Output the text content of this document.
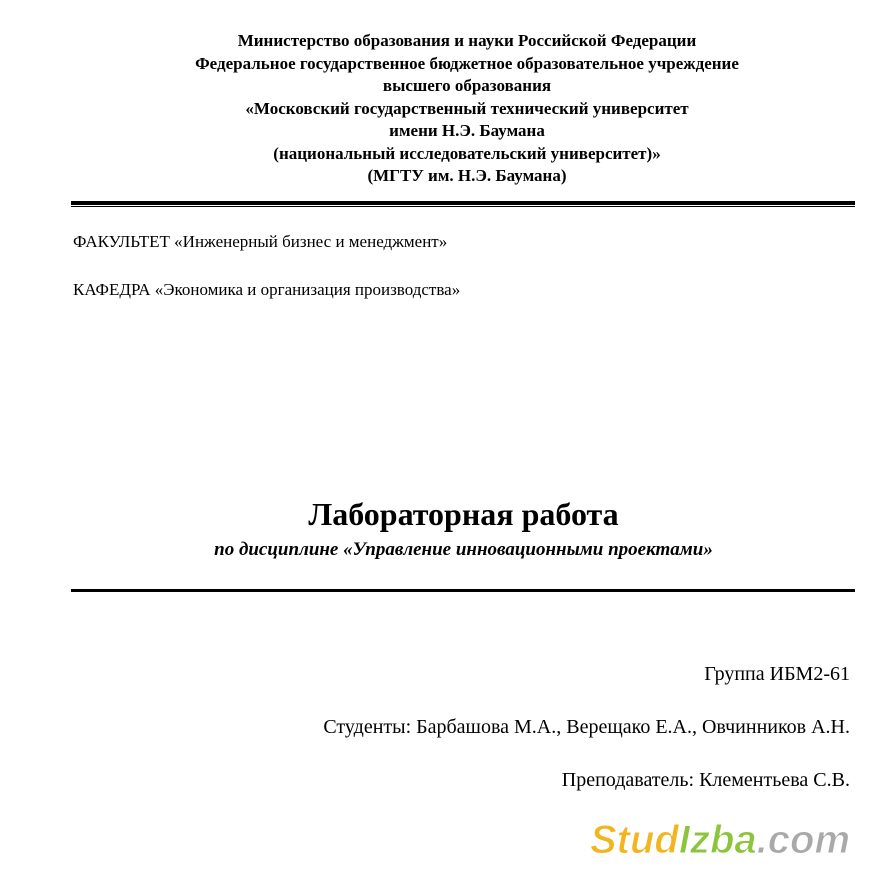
Министерство образования и науки Российской Федерации
Федеральное государственное бюджетное образовательное учреждение
высшего образования
«Московский государственный технический университет
имени Н.Э. Баумана
(национальный исследовательский университет)»
(МГТУ им. Н.Э. Баумана)
ФАКУЛЬТЕТ «Инженерный бизнес и менеджмент»
КАФЕДРА «Экономика и организация производства»
Лабораторная работа
по дисциплине «Управление инновационными проектами»
Группа ИБМ2-61
Студенты: Барбашова М.А., Верещако Е.А., Овчинников А.Н.
Преподаватель: Клементьева С.В.
StudIzba.com
